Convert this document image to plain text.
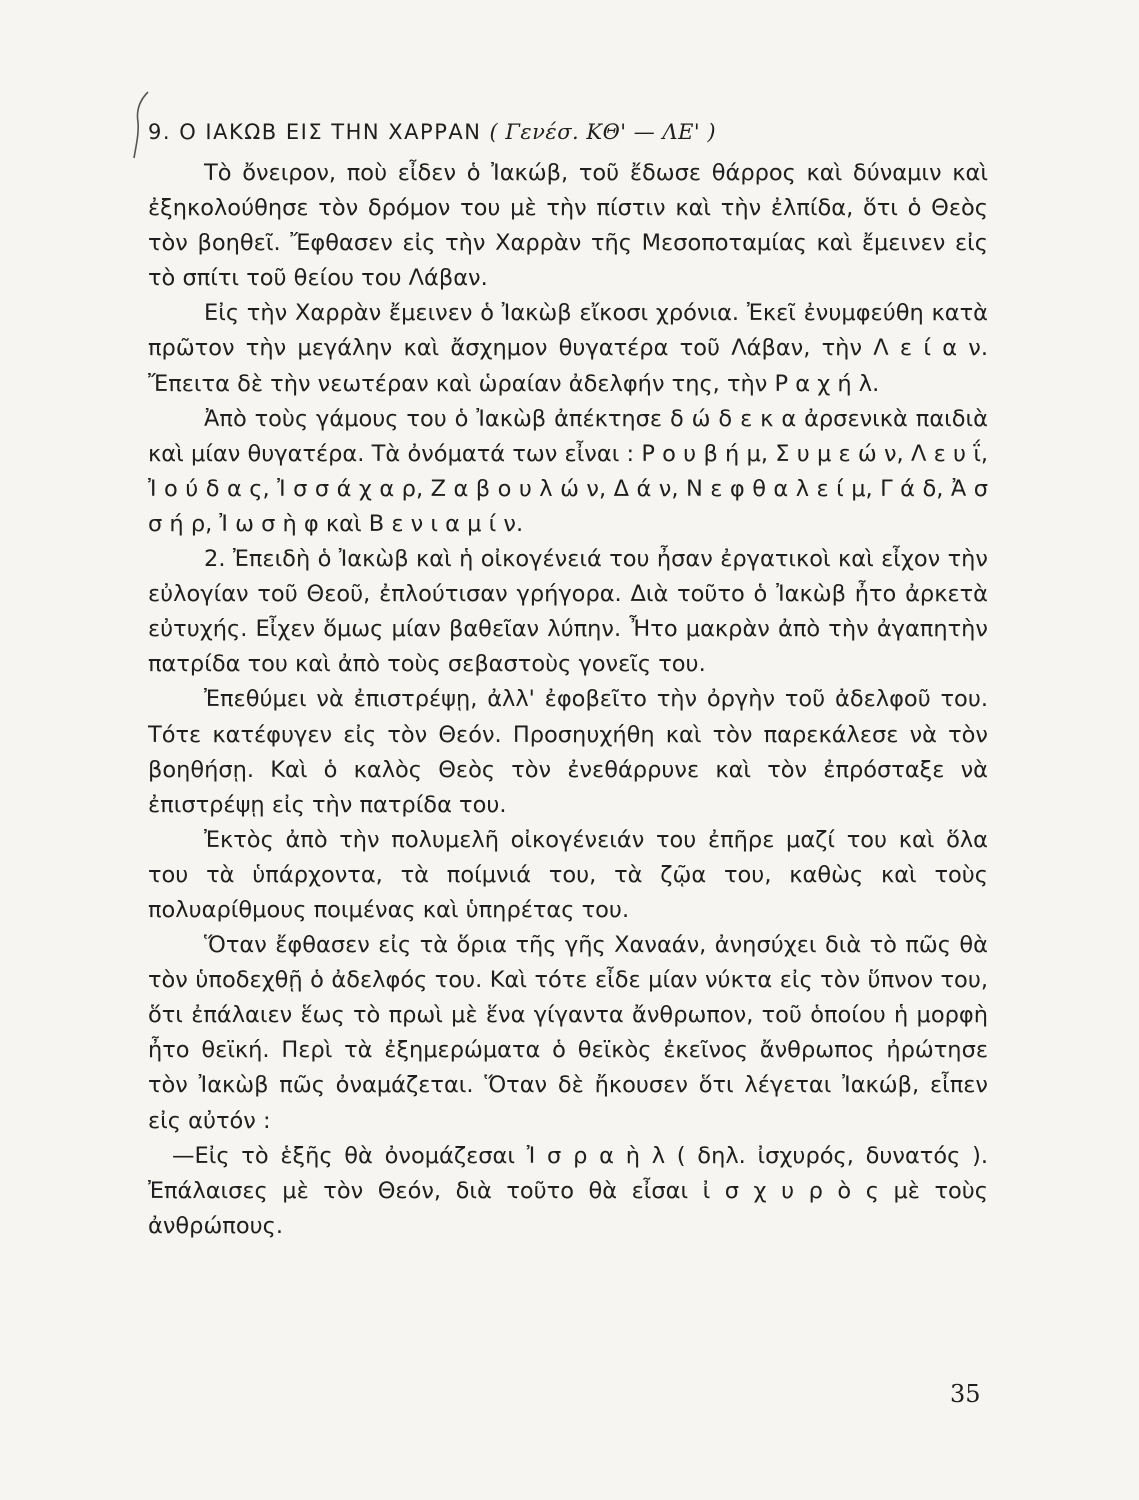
9. Ο ΙΑΚΩΒ ΕΙΣ ΤΗΝ ΧΑΡΡΑΝ ( Γενέσ. ΚΘ' — ΛΕ' )

Τὸ ὄνειρον, ποὺ εἶδεν ὁ Ἰακώβ, τοῦ ἔδωσε θάρρος καὶ δύναμιν καὶ ἐξηκολούθησε τὸν δρόμον του μὲ τὴν πίστιν καὶ τὴν ἐλπίδα, ὅτι ὁ Θεὸς τὸν βοηθεῖ. Ἔφθασεν εἰς τὴν Χαρρὰν τῆς Μεσοποταμίας καὶ ἔμεινεν εἰς τὸ σπίτι τοῦ θείου του Λάβαν.

Εἰς τὴν Χαρρὰν ἔμεινεν ὁ Ἰακὼβ εἴκοσι χρόνια. Ἐκεῖ ἐνυμφεύθη κατὰ πρῶτον τὴν μεγάλην καὶ ἄσχημον θυγατέρα τοῦ Λάβαν, τὴν Λ ε ί α ν. Ἔπειτα δὲ τὴν νεωτέραν καὶ ὡραίαν ἀδελφήν της, τὴν Ρ α χ ή λ.

Ἀπὸ τοὺς γάμους του ὁ Ἰακὼβ ἀπέκτησε δ ώ δ ε κ α ἀρσενικὰ παιδιὰ καὶ μίαν θυγατέρα. Τὰ ὀνόματά των εἶναι : Ρ ο υ β ή μ, Σ υ μ ε ώ ν, Λ ε υ ΐ, Ἰ ο ύ δ α ς, Ἰ σ σ ά χ α ρ, Ζ α β ο υ λ ώ ν, Δ ά ν, Ν ε φ θ α λ ε ί μ, Γ ά δ, Ἀ σ σ ή ρ, Ἰ ω σ ὴ φ καὶ Β ε ν ι α μ ί ν.

2. Ἐπειδὴ ὁ Ἰακὼβ καὶ ἡ οἰκογένειά του ἦσαν ἐργατικοὶ καὶ εἶχον τὴν εὐλογίαν τοῦ Θεοῦ, ἐπλούτισαν γρήγορα. Διὰ τοῦτο ὁ Ἰακὼβ ἦτο ἀρκετὰ εὐτυχής. Εἶχεν ὅμως μίαν βαθεῖαν λύπην. Ἦτο μακρὰν ἀπὸ τὴν ἀγαπητὴν πατρίδα του καὶ ἀπὸ τοὺς σεβαστοὺς γονεῖς του.

Ἐπεθύμει νὰ ἐπιστρέψῃ, ἀλλ' ἐφοβεῖτο τὴν ὀργὴν τοῦ ἀδελφοῦ του. Τότε κατέφυγεν εἰς τὸν Θεόν. Προσηυχήθη καὶ τὸν παρεκάλεσε νὰ τὸν βοηθήσῃ. Καὶ ὁ καλὸς Θεὸς τὸν ἐνεθάρρυνε καὶ τὸν ἐπρόσταξε νὰ ἐπιστρέψῃ εἰς τὴν πατρίδα του.

Ἐκτὸς ἀπὸ τὴν πολυμελῆ οἰκογένειάν του ἐπῆρε μαζί του καὶ ὅλα του τὰ ὑπάρχοντα, τὰ ποίμνιά του, τὰ ζῷα του, καθὼς καὶ τοὺς πολυαρίθμους ποιμένας καὶ ὑπηρέτας του.

Ὅταν ἔφθασεν εἰς τὰ ὅρια τῆς γῆς Χαναάν, ἀνησύχει διὰ τὸ πῶς θὰ τὸν ὑποδεχθῇ ὁ ἀδελφός του. Καὶ τότε εἶδε μίαν νύκτα εἰς τὸν ὕπνον του, ὅτι ἐπάλαιεν ἕως τὸ πρωὶ μὲ ἕνα γίγαντα ἄνθρωπον, τοῦ ὁποίου ἡ μορφὴ ἦτο θεϊκή. Περὶ τὰ ἐξημερώματα ὁ θεϊκὸς ἐκεῖνος ἄνθρωπος ἠρώτησε τὸν Ἰακὼβ πῶς ὀναμάζεται. Ὅταν δὲ ἤκουσεν ὅτι λέγεται Ἰακώβ, εἶπεν εἰς αὐτόν :

—Εἰς τὸ ἑξῆς θὰ ὀνομάζεσαι Ἰ σ ρ α ὴ λ ( δηλ. ἰσχυρός, δυνατός ). Ἐπάλαισες μὲ τὸν Θεόν, διὰ τοῦτο θὰ εἶσαι ἰ σ χ υ ρ ὸ ς μὲ τοὺς ἀνθρώπους.

35
